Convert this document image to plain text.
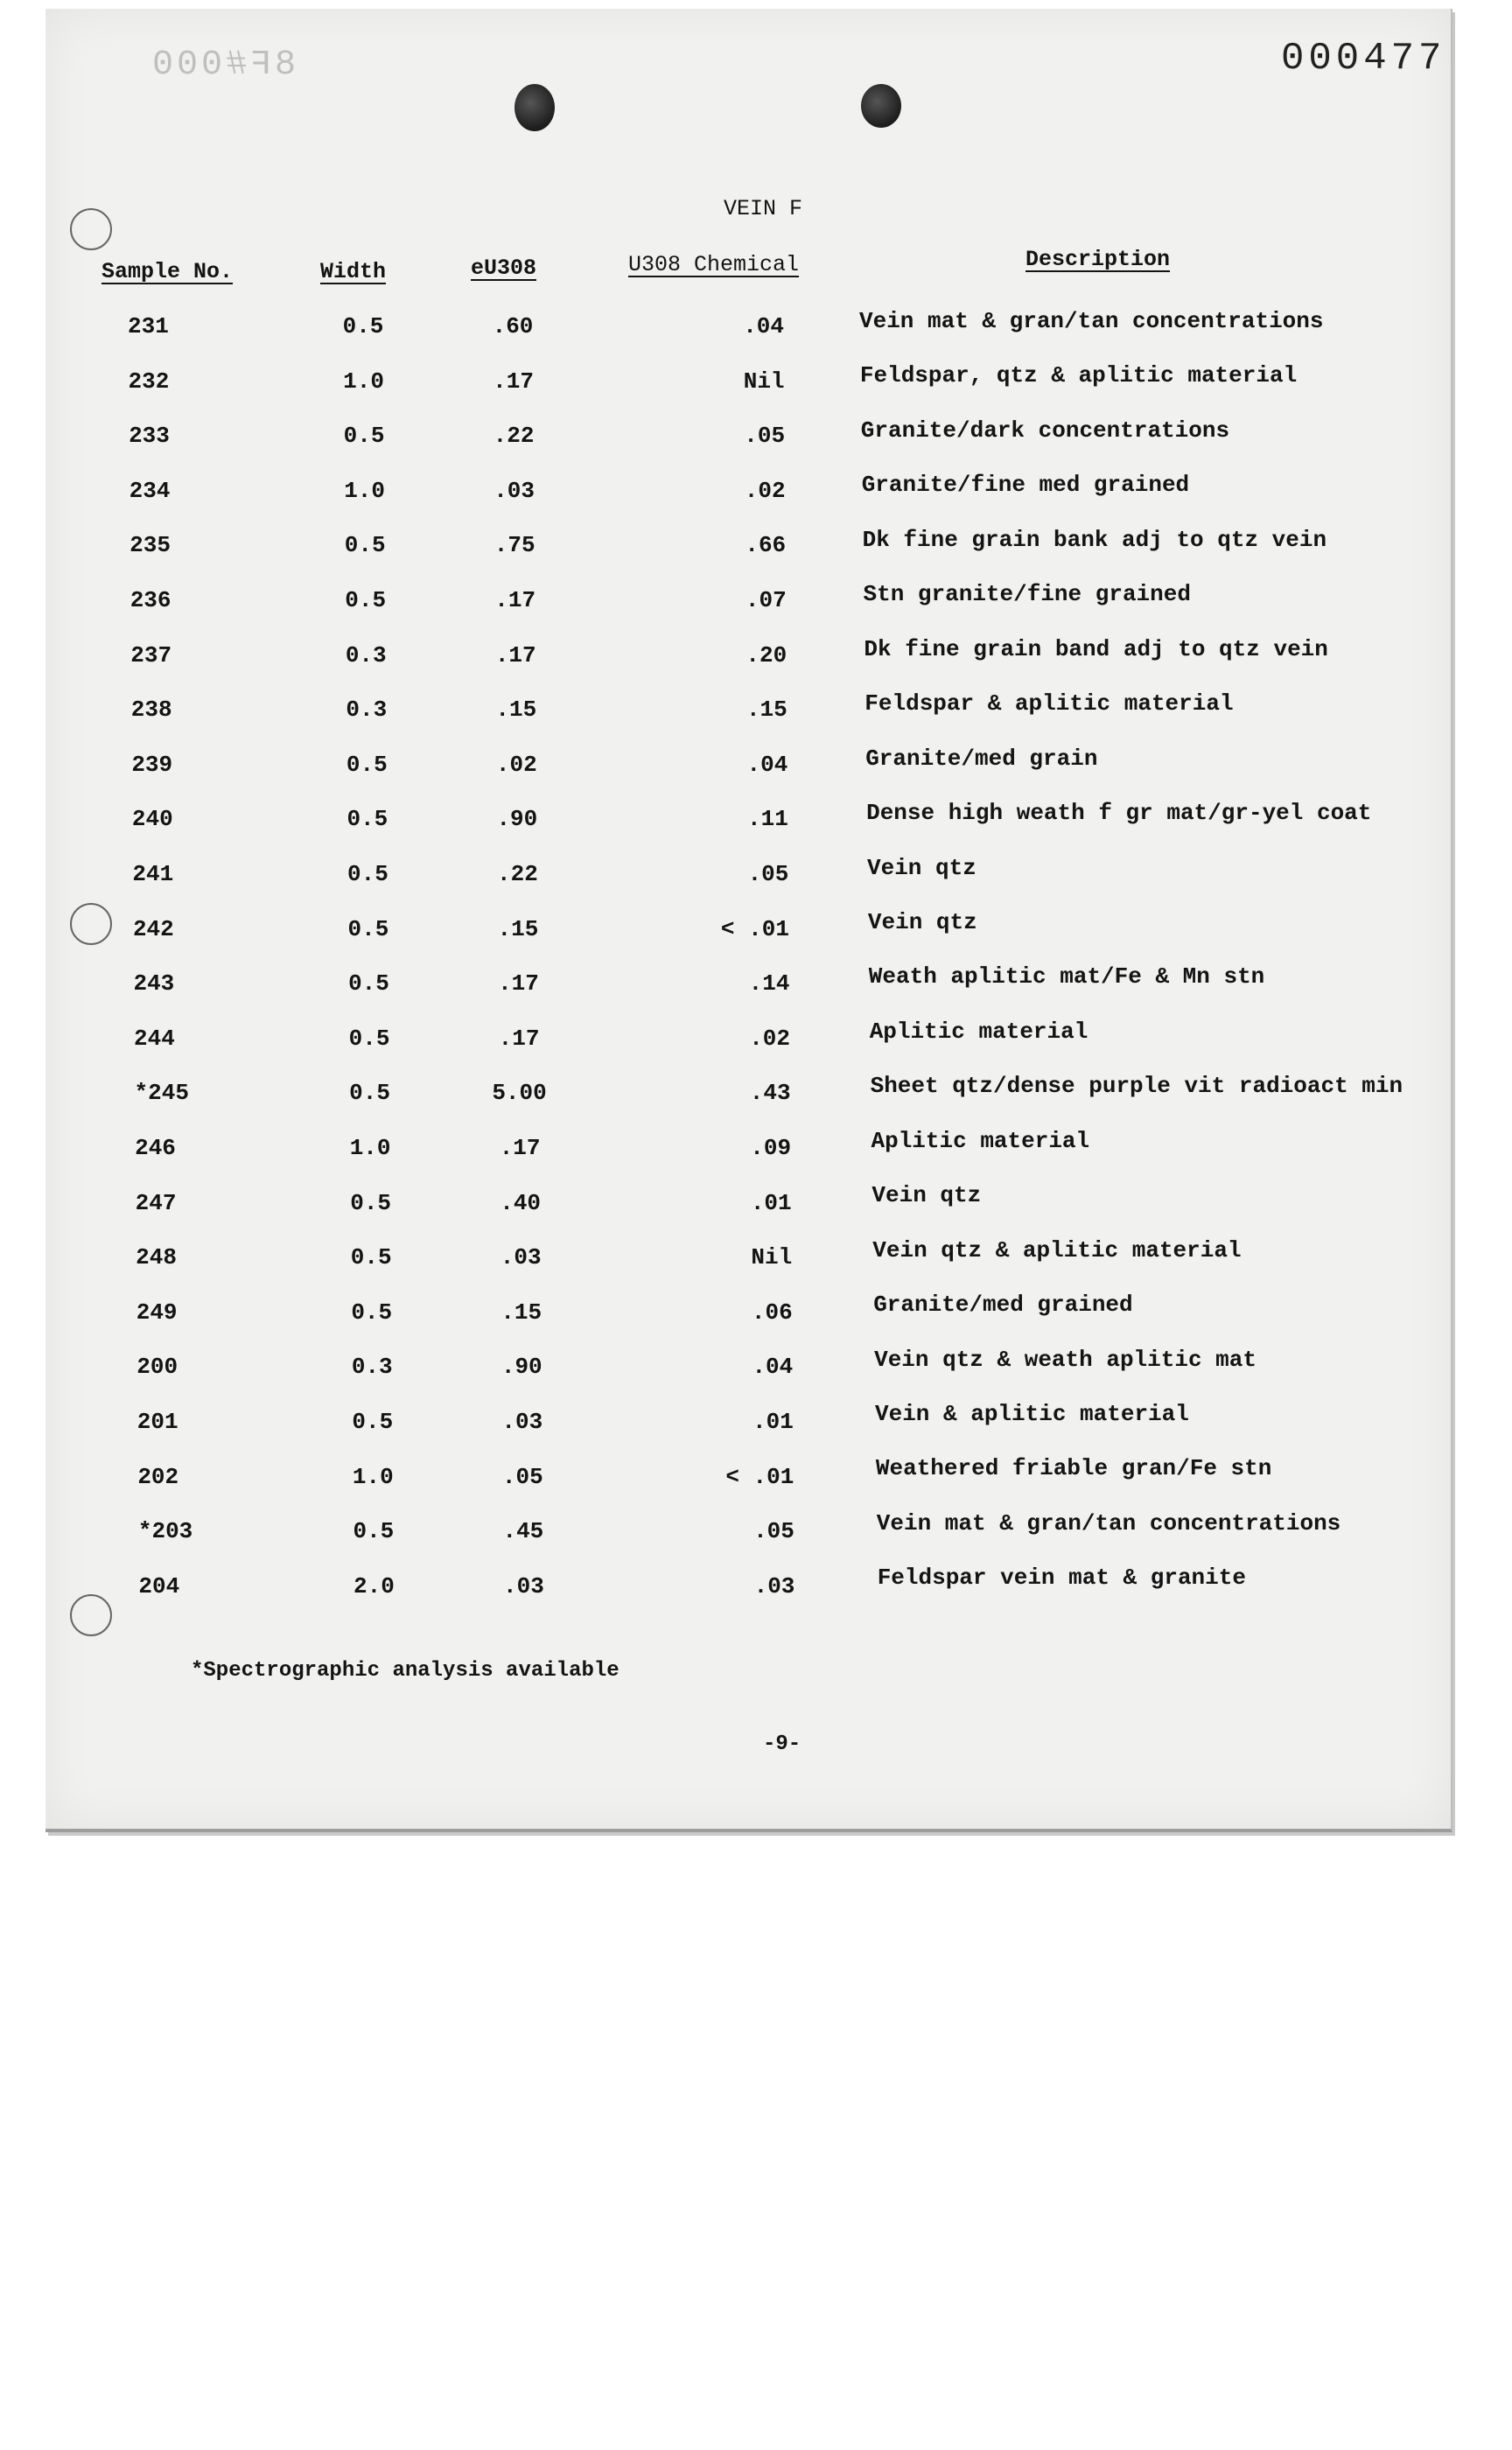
8F#000	000477
VEIN F
Sample No.	Width	eU308	U308 Chemical	Description
231	0.5	.60	.04	Vein mat & gran/tan concentrations
232	1.0	.17	Nil	Feldspar, qtz & aplitic material
233	0.5	.22	.05	Granite/dark concentrations
234	1.0	.03	.02	Granite/fine med grained
235	0.5	.75	.66	Dk fine grain bank adj to qtz vein
236	0.5	.17	.07	Stn granite/fine grained
237	0.3	.17	.20	Dk fine grain band adj to qtz vein
238	0.3	.15	.15	Feldspar & aplitic material
239	0.5	.02	.04	Granite/med grain
240	0.5	.90	.11	Dense high weath f gr mat/gr-yel coat
241	0.5	.22	.05	Vein qtz
242	0.5	.15	< .01	Vein qtz
243	0.5	.17	.14	Weath aplitic mat/Fe & Mn stn
244	0.5	.17	.02	Aplitic material
*245	0.5	5.00	.43	Sheet qtz/dense purple vit radioact min
246	1.0	.17	.09	Aplitic material
247	0.5	.40	.01	Vein qtz
248	0.5	.03	Nil	Vein qtz & aplitic material
249	0.5	.15	.06	Granite/med grained
200	0.3	.90	.04	Vein qtz & weath aplitic mat
201	0.5	.03	.01	Vein & aplitic material
202	1.0	.05	< .01	Weathered friable gran/Fe stn
*203	0.5	.45	.05	Vein mat & gran/tan concentrations
204	2.0	.03	.03	Feldspar vein mat & granite
*Spectrographic analysis available
-9-
